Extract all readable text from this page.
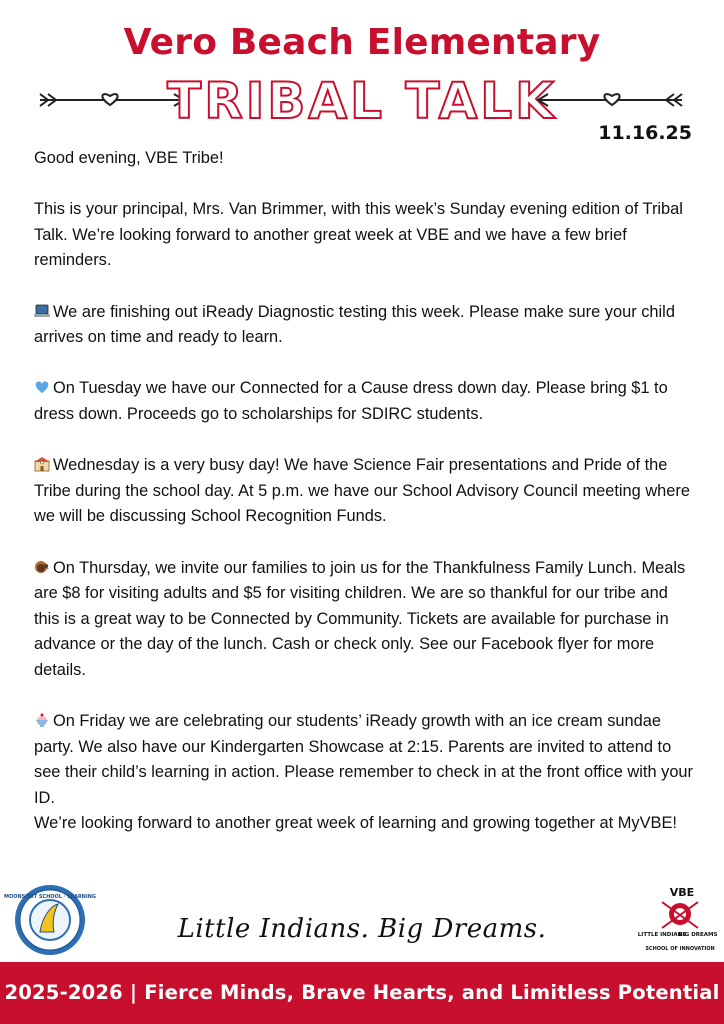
Vero Beach Elementary
TRIBAL TALK
11.16.25

Good evening, VBE Tribe!

This is your principal, Mrs. Van Brimmer, with this week’s Sunday evening edition of Tribal Talk. We’re looking forward to another great week at VBE and we have a few brief reminders.

We are finishing out iReady Diagnostic testing this week. Please make sure your child arrives on time and ready to learn.

On Tuesday we have our Connected for a Cause dress down day. Please bring $1 to dress down. Proceeds go to scholarships for SDIRC students.

Wednesday is a very busy day! We have Science Fair presentations and Pride of the Tribe during the school day. At 5 p.m. we have our School Advisory Council meeting where we will be discussing School Recognition Funds.

On Thursday, we invite our families to join us for the Thankfulness Family Lunch. Meals are $8 for visiting adults and $5 for visiting children. We are so thankful for our tribe and this is a great way to be Connected by Community. Tickets are available for purchase in advance or the day of the lunch. Cash or check only. See our Facebook flyer for more details.

On Friday we are celebrating our students’ iReady growth with an ice cream sundae party. We also have our Kindergarten Showcase at 2:15. Parents are invited to attend to see their child’s learning in action. Please remember to check in at the front office with your ID.

We’re looking forward to another great week of learning and growing together at MyVBE!

MOONSHOT SCHOOL · LEARNING
Little Indians. Big Dreams.
VBE
LITTLE INDIANS
BIG DREAMS
SCHOOL OF INNOVATION
2025-2026 | Fierce Minds, Brave Hearts, and Limitless Potential
